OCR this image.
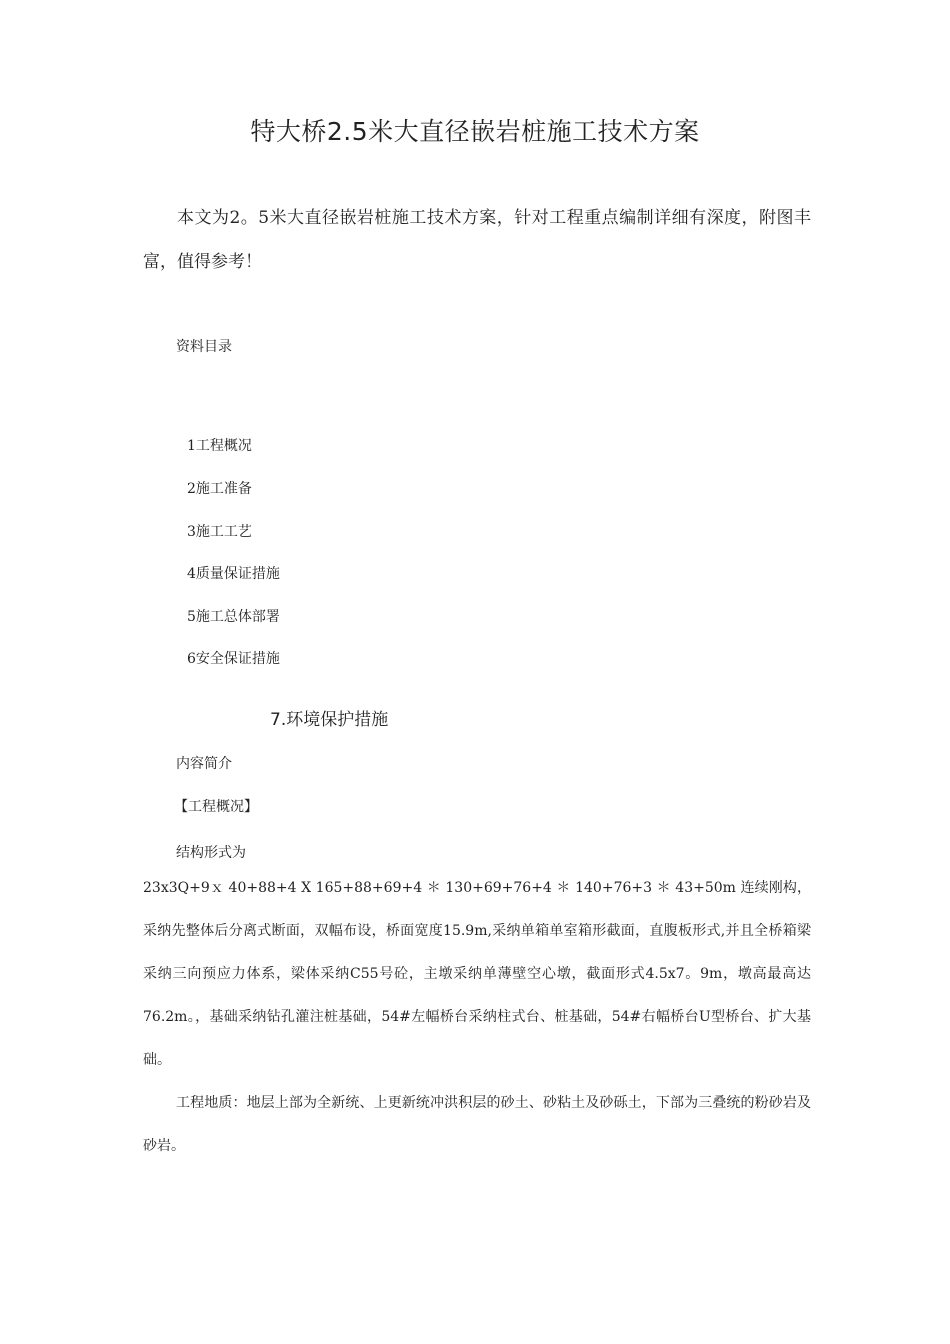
特大桥2.5米大直径嵌岩桩施工技术方案
本文为2。5米大直径嵌岩桩施工技术方案，针对工程重点编制详细有深度，附图丰富，值得参考！
资料目录
1工程概况
2施工准备
3施工工艺
4质量保证措施
5施工总体部署
6安全保证措施
7.环境保护措施
内容简介
【工程概况】
结构形式为
23x3Q+9ｘ 40+88+4 X 165+88+69+4 ＊ 130+69+76+4 ＊ 140+76+3 ＊ 43+50m 连续刚构，采纳先整体后分离式断面，双幅布设，桥面宽度15.9m,采纳单箱单室箱形截面，直腹板形式,并且全桥箱梁采纳三向预应力体系，梁体采纳C55号砼，主墩采纳单薄壁空心墩，截面形式4.5x7。9m，墩高最高达76.2m。，基础采纳钻孔灌注桩基础，54#左幅桥台采纳柱式台、桩基础，54#右幅桥台U型桥台、扩大基础。
工程地质：地层上部为全新统、上更新统冲洪积层的砂土、砂粘土及砂砾土，下部为三叠统的粉砂岩及砂岩。
